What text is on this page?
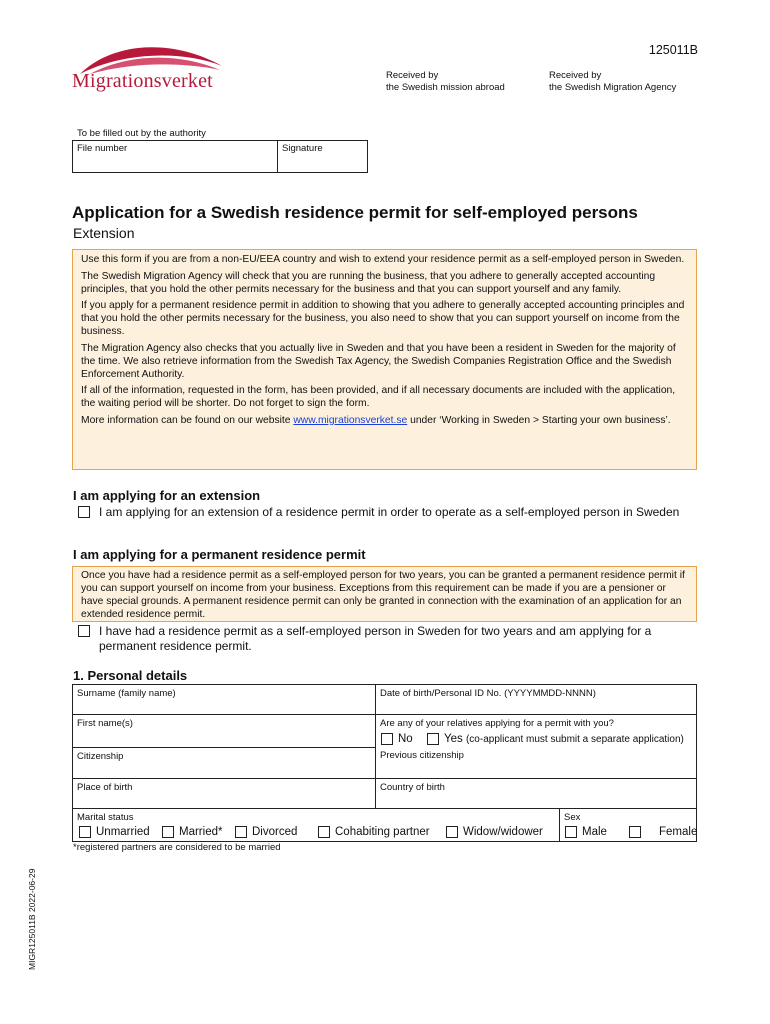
Migrationsverket
125011B
Received by
the Swedish mission abroad
Received by
the Swedish Migration Agency
To be filled out by the authority
File number	Signature
Application for a Swedish residence permit for self-employed persons
Extension

Use this form if you are from a non-EU/EEA country and wish to extend your residence permit as a self-employed person in Sweden.

The Swedish Migration Agency will check that you are running the business, that you adhere to generally accepted accounting principles, that you hold the other permits necessary for the business and that you can support yourself and any family.

If you apply for a permanent residence permit in addition to showing that you adhere to generally accepted accounting principles and that you hold the other permits necessary for the business, you also need to show that you can support yourself on income from the business.

The Migration Agency also checks that you actually live in Sweden and that you have been a resident in Sweden for the majority of the time. We also retrieve information from the Swedish Tax Agency, the Swedish Companies Registration Office and the Swedish Enforcement Authority.

If all of the information, requested in the form, has been provided, and if all necessary documents are included with the application, the waiting period will be shorter. Do not forget to sign the form.

More information can be found on our website www.migrationsverket.se under ‘Working in Sweden > Starting your own business’.

I am applying for an extension
I am applying for an extension of a residence permit in order to operate as a self-employed person in Sweden
I am applying for a permanent residence permit

Once you have had a residence permit as a self-employed person for two years, you can be granted a permanent residence permit if you can support yourself on income from your business. Exceptions from this requirement can be made if you are a pensioner or have special grounds. A permanent residence permit can only be granted in connection with the examination of an application for an extended residence permit.

I have had a residence permit as a self-employed person in Sweden for two years and am applying for a permanent residence permit.
1. Personal details
Surname (family name)	Date of birth/Personal ID No. (YYYYMMDD-NNNN)
First name(s)	Are any of your relatives applying for a permit with you?
No	Yes
(co-applicant must submit a separate application)
Citizenship	Previous citizenship
Place of birth	Country of birth
Marital status	Sex
Unmarried	Married*	Divorced	Cohabiting partner	Widow/widower	Male	Female
*registered partners are considered to be married
MIGR125011B 2022-06-29
